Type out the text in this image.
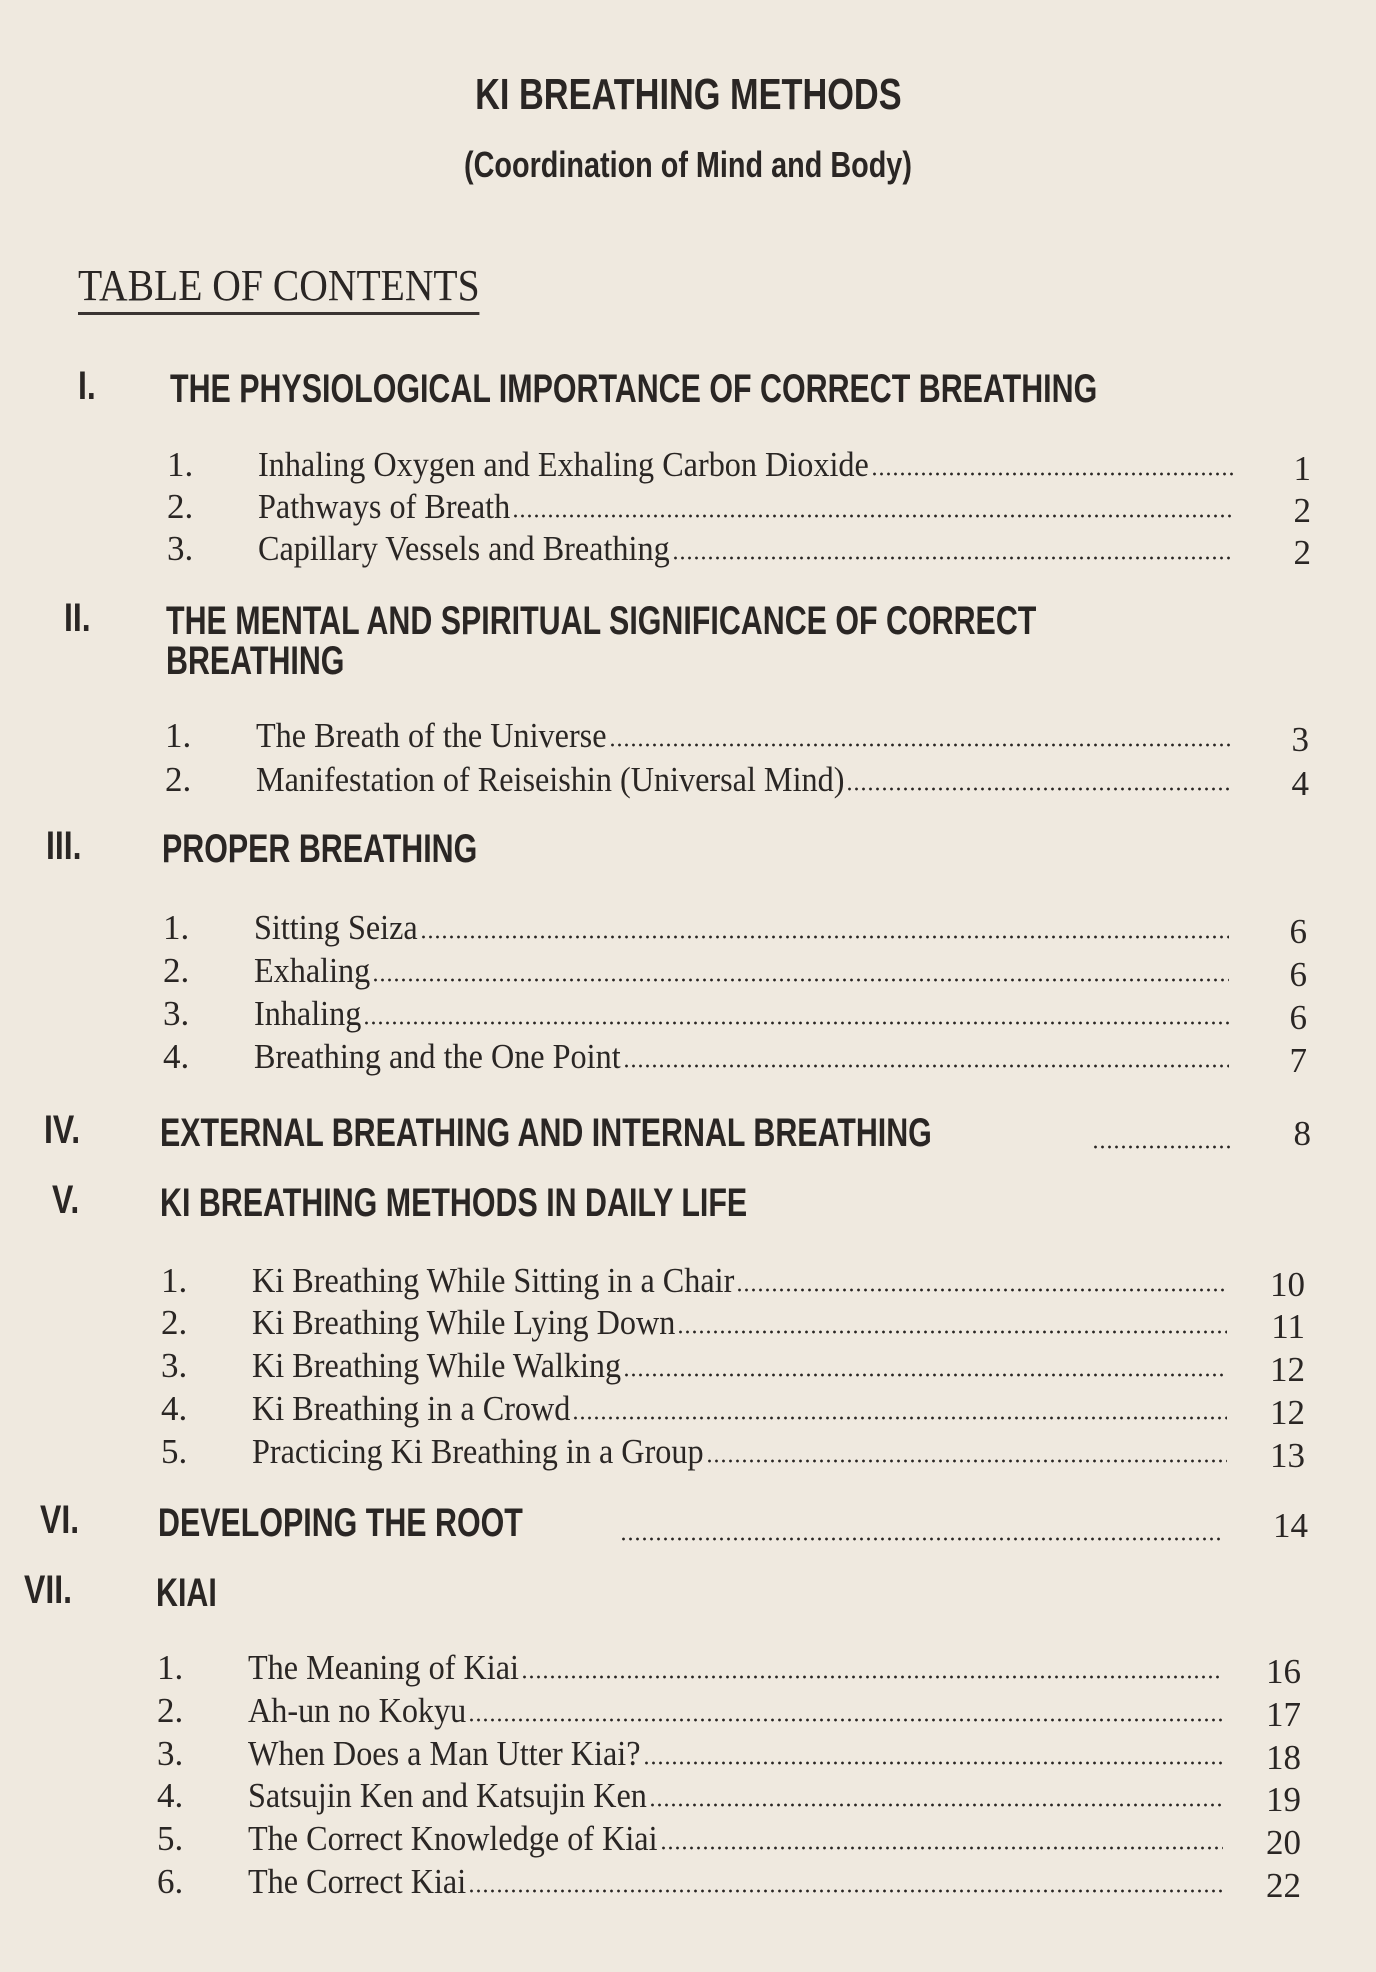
KI BREATHING METHODS
(Coordination of Mind and Body)
TABLE OF CONTENTS
I. THE PHYSIOLOGICAL IMPORTANCE OF CORRECT BREATHING
1. Inhaling Oxygen and Exhaling Carbon Dioxide	1
2. Pathways of Breath	2
3. Capillary Vessels and Breathing	2
II. THE MENTAL AND SPIRITUAL SIGNIFICANCE OF CORRECT
BREATHING
1. The Breath of the Universe	3
2. Manifestation of Reiseishin (Universal Mind)	4
III. PROPER BREATHING
1. Sitting Seiza	6
2. Exhaling	6
3. Inhaling	6
4. Breathing and the One Point	7
IV. EXTERNAL BREATHING AND INTERNAL BREATHING	8
V. KI BREATHING METHODS IN DAILY LIFE
1. Ki Breathing While Sitting in a Chair	10
2. Ki Breathing While Lying Down	11
3. Ki Breathing While Walking	12
4. Ki Breathing in a Crowd	12
5. Practicing Ki Breathing in a Group	13
VI. DEVELOPING THE ROOT	14
VII. KIAI
1. The Meaning of Kiai	16
2. Ah-un no Kokyu	17
3. When Does a Man Utter Kiai?	18
4. Satsujin Ken and Katsujin Ken	19
5. The Correct Knowledge of Kiai	20
6. The Correct Kiai	22
